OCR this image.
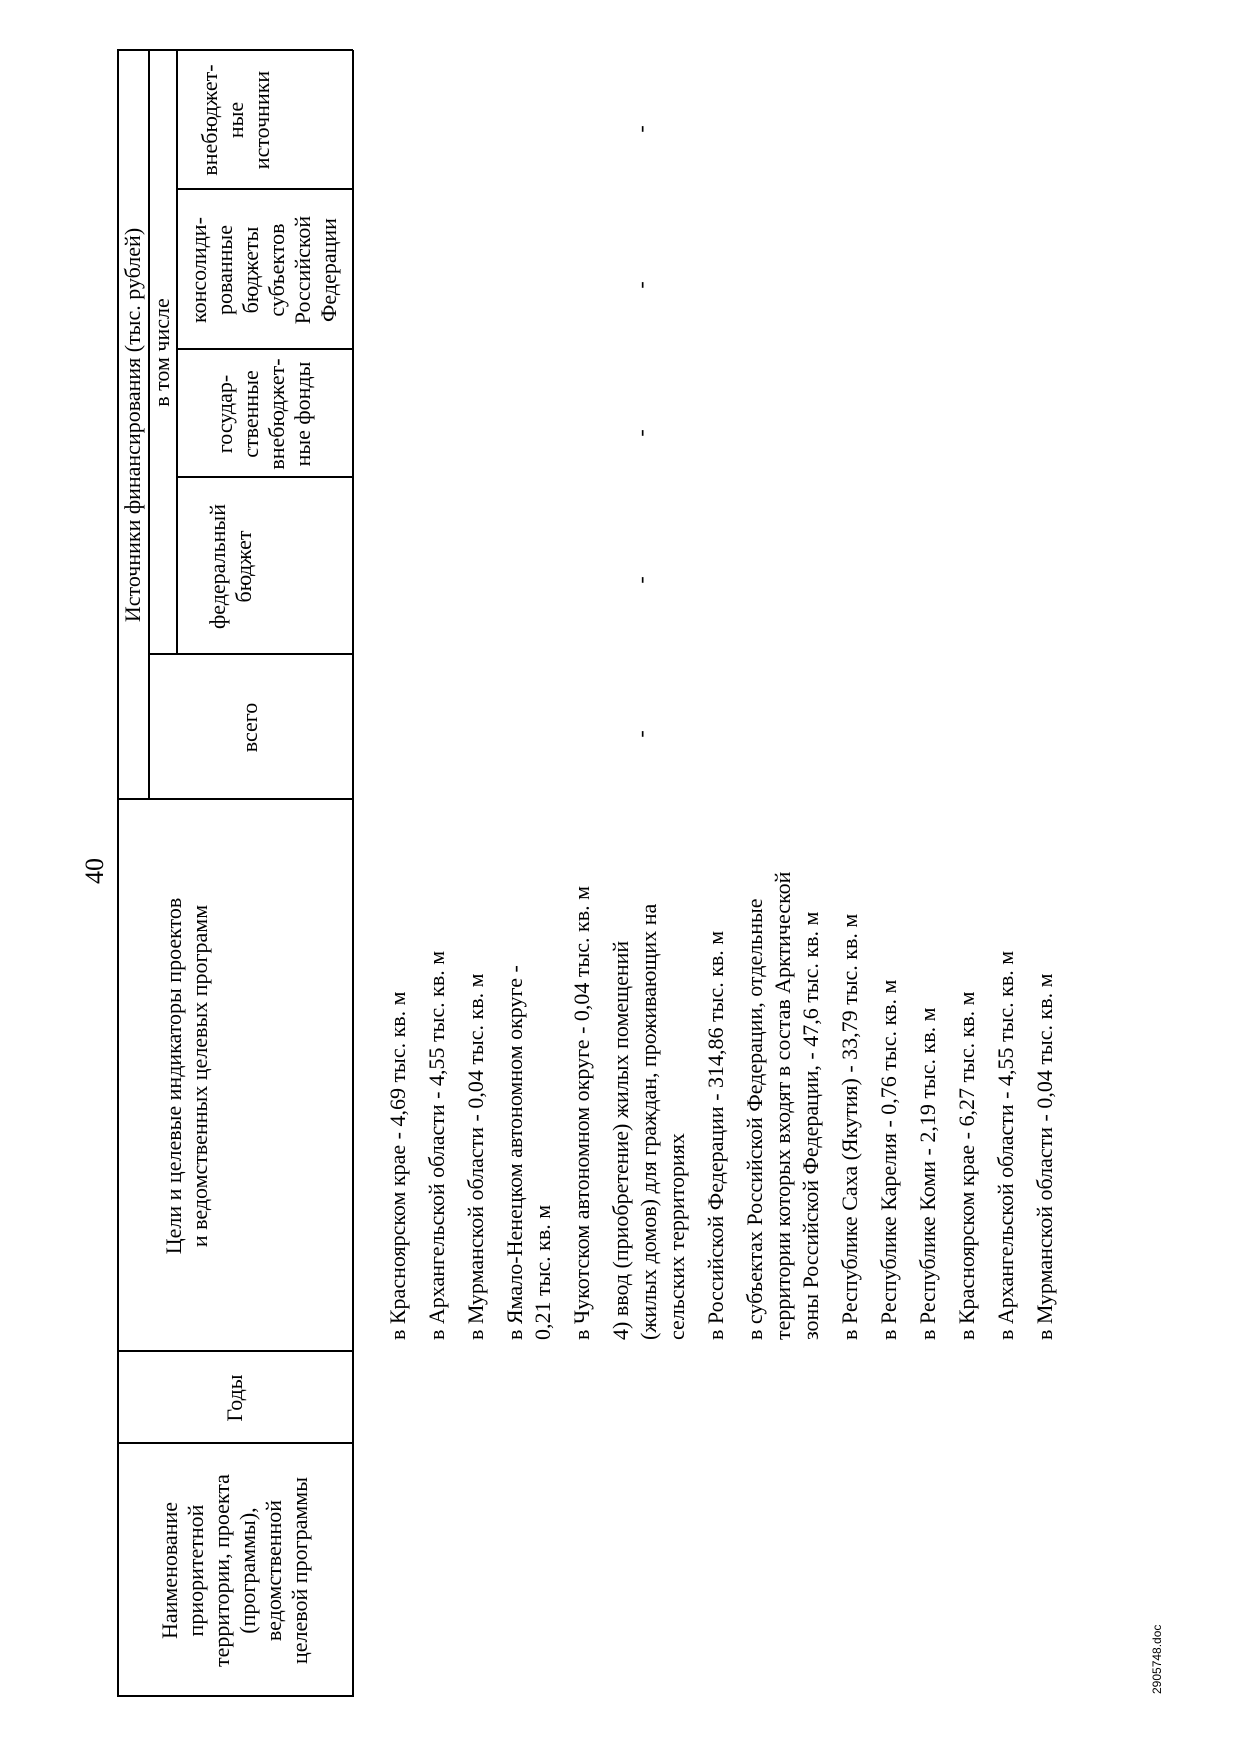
40
Наименование
приоритетной
территории, проекта
(программы),
ведомственной
целевой программы
Годы
Цели и целевые индикаторы проектов
и ведомственных целевых программ
Источники финансирования (тыс. рублей) в том числе
всего
федеральный
бюджет
государ-
ственные
внебюджет-
ные фонды
консолиди-
рованные
бюджеты
субъектов
Российской
Федерации
внебюджет-
ные
источники
в Красноярском крае - 4,69 тыс. кв. м в Архангельской области - 4,55 тыс. кв. м в Мурманской области - 0,04 тыс. кв. м в Ямало-Ненецком автономном округе -
0,21 тыс. кв. м в Чукотском автономном округе - 0,04 тыс. кв. м 4) ввод (приобретение) жилых помещений
(жилых домов) для граждан, проживающих на
сельских территориях в Российской Федерации - 314,86 тыс. кв. м в субъектах Российской Федерации, отдельные
территории которых входят в состав Арктической
зоны Российской Федерации, - 47,6 тыс. кв. м в Республике Саха (Якутия) - 33,79 тыс. кв. м в Республике Карелия - 0,76 тыс. кв. м в Республике Коми - 2,19 тыс. кв. м в Красноярском крае - 6,27 тыс. кв. м в Архангельской области - 4,55 тыс. кв. м в Мурманской области - 0,04 тыс. кв. м
-
-
-
-
-
2905748.doc
